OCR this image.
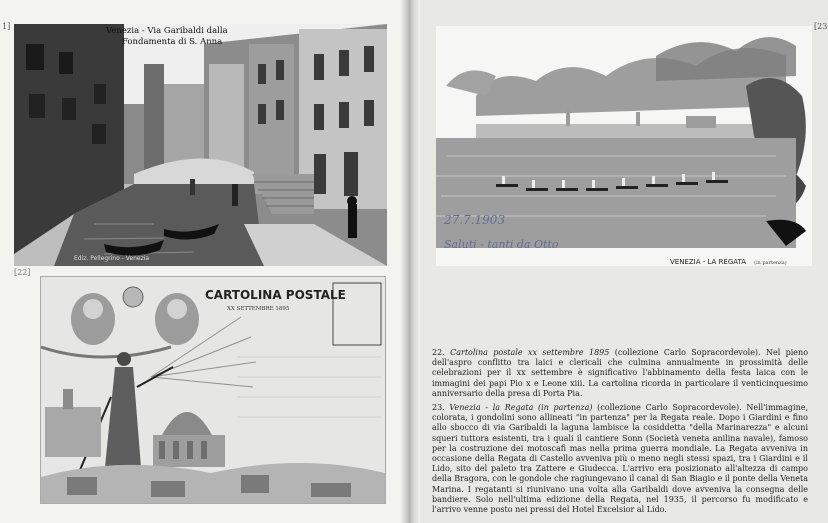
1]
Ediz. Pellegrino - Venezia
Venezia - Via Garibaldi dalla
Fondamenta di S. Anna
[22]
CARTOLINA POSTALE
XX SETTEMBRE 1895
[23
27.7.1903
Saluti - tanti da Otto
VENEZIA - LA REGATA (in partenza)

22. Cartolina postale xx settembre 1895 (collezione Carlo Sopracordevole). Nel pieno dell'aspro conflitto tra laici e clericali che culmina annualmente in prossimità delle celebrazioni per il xx settembre è significativo l'abbinamento della festa laica con le immagini dei papi Pio x e Leone xiii. La cartolina ricorda in particolare il venticinquesimo anniversario della presa di Porta Pia.

23. Venezia - la Regata (in partenza) (collezione Carlo Sopracordevole). Nell'immagine, colorata, i gondolini sono allineati "in partenza" per la Regata reale. Dopo i Giardini e fino allo sbocco di via Garibaldi la laguna lambisce la cosiddetta "della Marinarezza" e alcuni squeri tuttora esistenti, tra i quali il cantiere Sonn (Società veneta anilina navale), famoso per la costruzione dei motoscafi mas nella prima guerra mondiale. La Regata avveniva in occasione della Regata di Castello avveniva più o meno negli stessi spazi, tra i Giardini e il Lido, sito del paleto tra Zattere e Giudecca. L'arrivo era posizionato all'altezza di campo della Bragora, con le gondole che ragiungevano il canal di San Biagio e il ponte della Veneta Marina. I regatanti si riunivano una volta alla Garibaldi dove avveniva la consegna delle bandiere. Solo nell'ultima edizione della Regata, nel 1935, il percorso fu modificato e l'arrivo venne posto nei pressi del Hotel Excelsior al Lido.
